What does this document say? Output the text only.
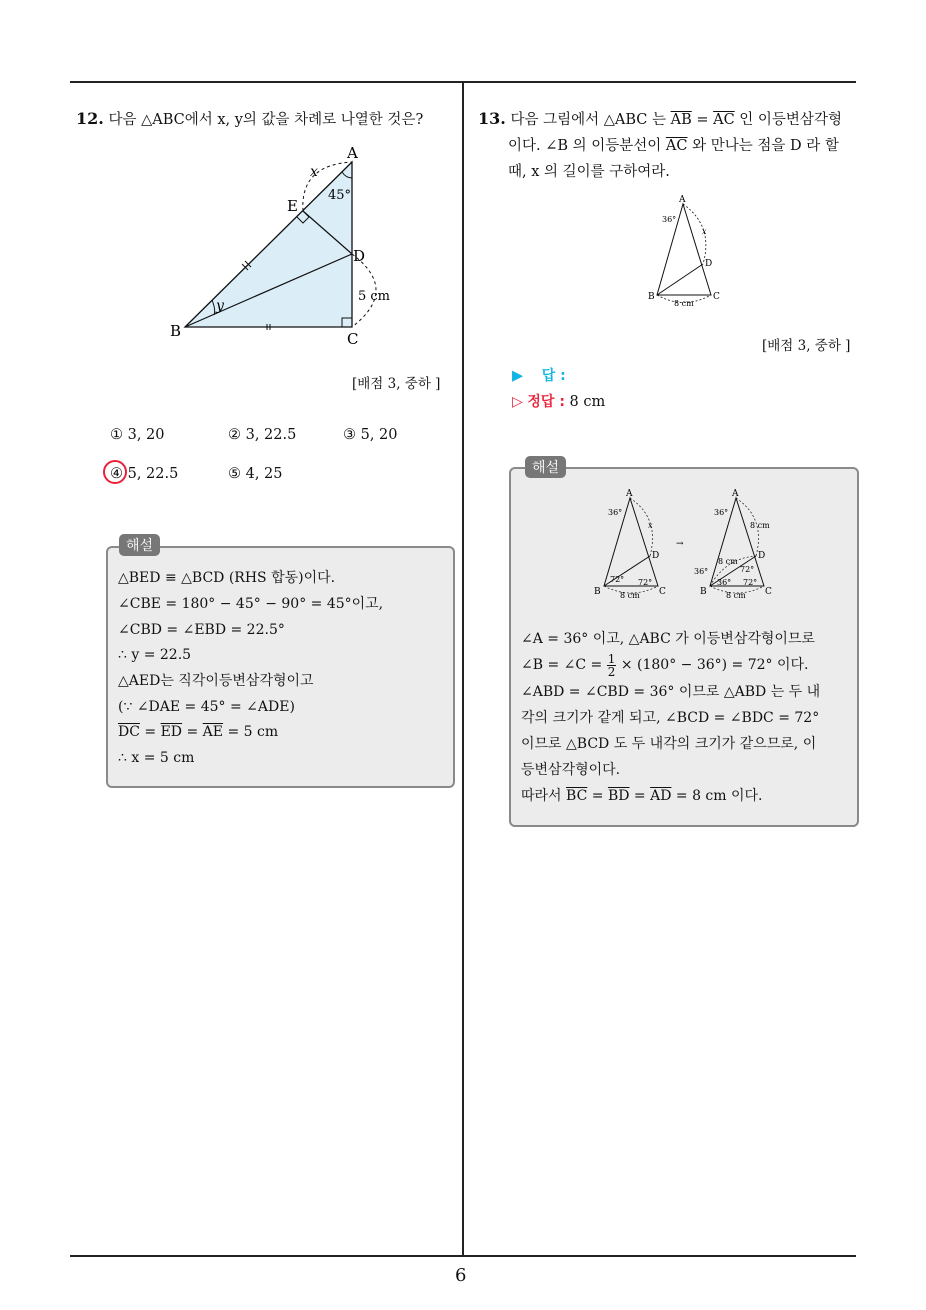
6
12. 다음 △ABC에서 x, y의 값을 차례로 나열한 것은?
A
B	C
D
E
x
y
45°
5 cm
[배점 3, 중하 ]
① 3, 20	② 3, 22.5	③ 5, 20
④ 5, 22.5	⑤ 4, 25
해설
△BED ≡ △BCD (RHS 합동)이다.
∠CBE = 180° − 45° − 90° = 45°이고,
∠CBD = ∠EBD = 22.5°
∴ y = 22.5
△AED는 직각이등변삼각형이고
(∵ ∠DAE = 45° = ∠ADE)
$\overline{DC} = \overline{ED} = \overline{AE} = 5$ cm
∴ x = 5 cm
13. 다음 그림에서 △ABC 는 $\overline{AB} = \overline{AC}$ 인 이등변삼각형
이다. ∠B 의 이등분선이 $\overline{AC}$ 와 만나는 점을 D 라 할
때, x 의 길이를 구하여라.
A
B	C
D
36°
x
8 cm
[배점 3, 중하 ]
▶ 답 :
▷ 정답 : 8 cm
해설
A
B	C
D
36°
x
72° 72°
8 cm
→
A
B	C
D
36°
8 cm
8 cm
72°
36°
36° 72°
8 cm
∠A = 36° 이고, △ABC 가 이등변삼각형이므로
∠B = ∠C = $\frac{1}{2} \times (180^\circ - 36^\circ) = 72^\circ$ 이다.
∠ABD = ∠CBD = 36° 이므로 △ABD 는 두 내
각의 크기가 같게 되고, ∠BCD = ∠BDC = 72°
이므로 △BCD 도 두 내각의 크기가 같으므로, 이
등변삼각형이다.
따라서 $\overline{BC} = \overline{BD} = \overline{AD} = 8$ cm 이다.
